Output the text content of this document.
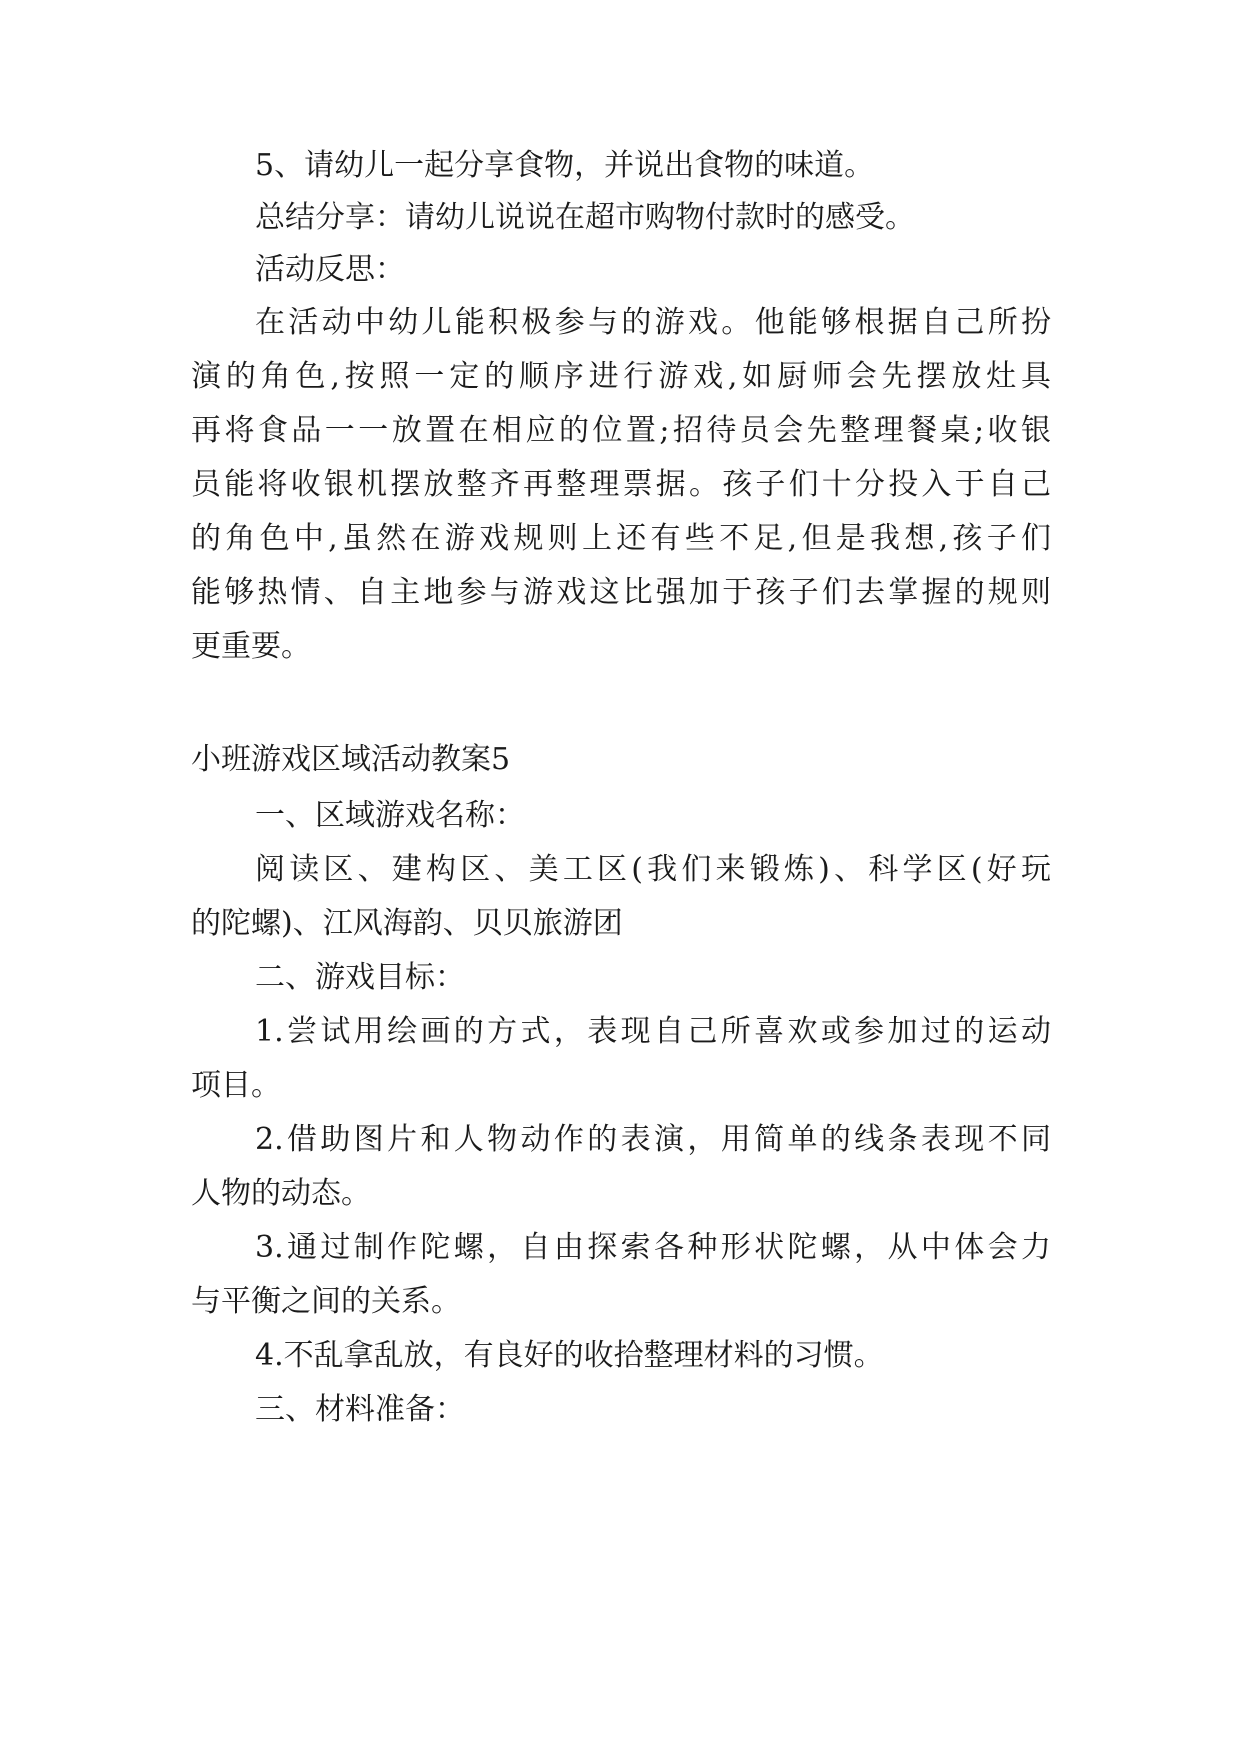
5、请幼儿一起分享食物，并说出食物的味道。
总结分享：请幼儿说说在超市购物付款时的感受。
活动反思：
在活动中幼儿能积极参与的游戏。他能够根据自己所扮
演的角色,按照一定的顺序进行游戏,如厨师会先摆放灶具
再将食品一一放置在相应的位置;招待员会先整理餐桌;收银
员能将收银机摆放整齐再整理票据。孩子们十分投入于自己
的角色中,虽然在游戏规则上还有些不足,但是我想,孩子们
能够热情、自主地参与游戏这比强加于孩子们去掌握的规则
更重要。
小班游戏区域活动教案5
一、区域游戏名称：
阅读区、建构区、美工区(我们来锻炼)、科学区(好玩
的陀螺)、江风海韵、贝贝旅游团
二、游戏目标：
1.尝试用绘画的方式，表现自己所喜欢或参加过的运动
项目。
2.借助图片和人物动作的表演，用简单的线条表现不同
人物的动态。
3.通过制作陀螺，自由探索各种形状陀螺，从中体会力
与平衡之间的关系。
4.不乱拿乱放，有良好的收拾整理材料的习惯。
三、材料准备：
